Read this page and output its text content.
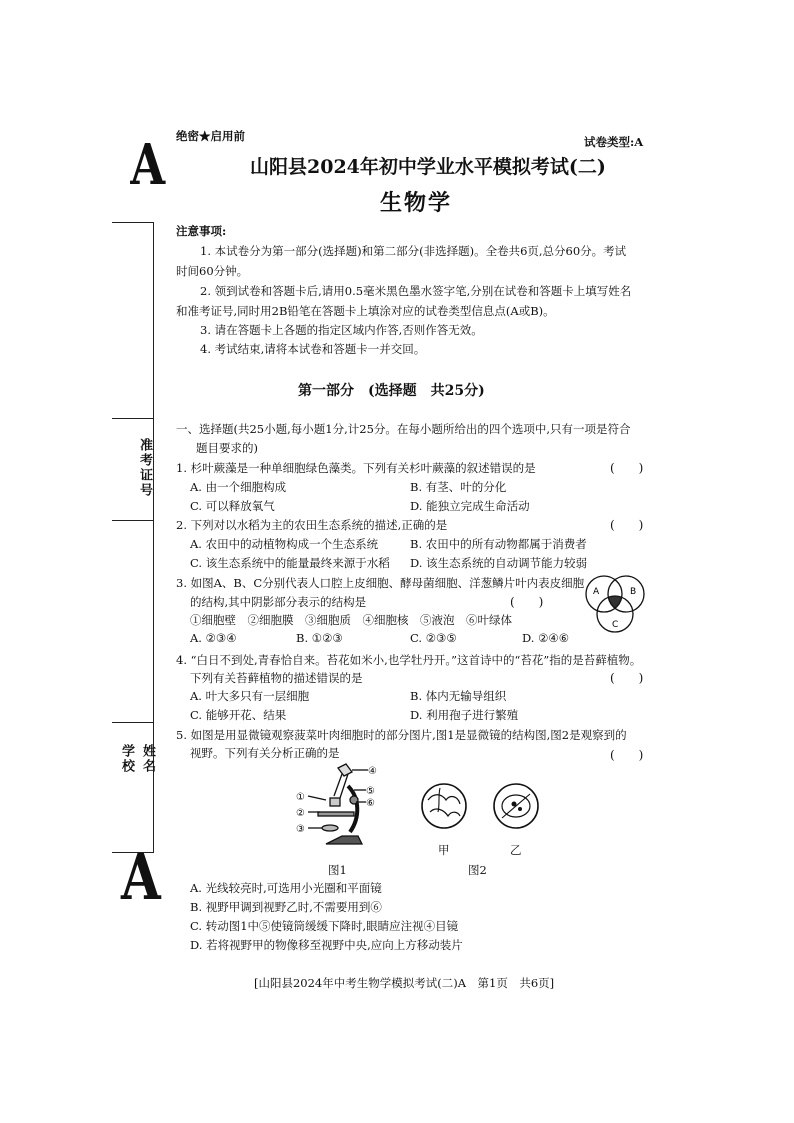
A
准考证号
学校 姓名
A
绝密★启用前	试卷类型:A
山阳县2024年初中学业水平模拟考试(二)
生物学
注意事项:
1. 本试卷分为第一部分(选择题)和第二部分(非选择题)。全卷共6页,总分60分。考试
时间60分钟。
2. 领到试卷和答题卡后,请用0.5毫米黑色墨水签字笔,分别在试卷和答题卡上填写姓名
和准考证号,同时用2B铅笔在答题卡上填涂对应的试卷类型信息点(A或B)。
3. 请在答题卡上各题的指定区域内作答,否则作答无效。
4. 考试结束,请将本试卷和答题卡一并交回。
第一部分　(选择题　共25分)
一、选择题(共25小题,每小题1分,计25分。在每小题所给出的四个选项中,只有一项是符合
题目要求的)
1. 杉叶蕨藻是一种单细胞绿色藻类。下列有关杉叶蕨藻的叙述错误的是	(　　)
A. 由一个细胞构成	B. 有茎、叶的分化
C. 可以释放氧气	D. 能独立完成生命活动
2. 下列对以水稻为主的农田生态系统的描述,正确的是	(　　)
A. 农田中的动植物构成一个生态系统	B. 农田中的所有动物都属于消费者
C. 该生态系统中的能量最终来源于水稻 D. 该生态系统的自动调节能力较弱
3. 如图A、B、C分别代表人口腔上皮细胞、酵母菌细胞、洋葱鳞片叶内表皮细胞
的结构,其中阴影部分表示的结构是	(　　)
①细胞壁　②细胞膜　③细胞质　④细胞核　⑤液泡　⑥叶绿体
A. ②③④	B. ①②③	C. ②③⑤	D. ②④⑥
A	B
C
4. “白日不到处,青春恰自来。苔花如米小,也学牡丹开。”这首诗中的“苔花”指的是苔藓植物。
下列有关苔藓植物的描述错误的是	(　　)
A. 叶大多只有一层细胞	B. 体内无输导组织
C. 能够开花、结果	D. 利用孢子进行繁殖
5. 如图是用显微镜观察菠菜叶肉细胞时的部分图片,图1是显微镜的结构图,图2是观察到的
视野。下列有关分析正确的是	(　　)
①
②
③
④
⑤
⑥
图1
甲	乙
图2
A. 光线较亮时,可选用小光圈和平面镜
B. 视野甲调到视野乙时,不需要用到⑥
C. 转动图1中⑤使镜筒缓缓下降时,眼睛应注视④目镜
D. 若将视野甲的物像移至视野中央,应向上方移动装片
[山阳县2024年中考生物学模拟考试(二)A　第1页　共6页]
